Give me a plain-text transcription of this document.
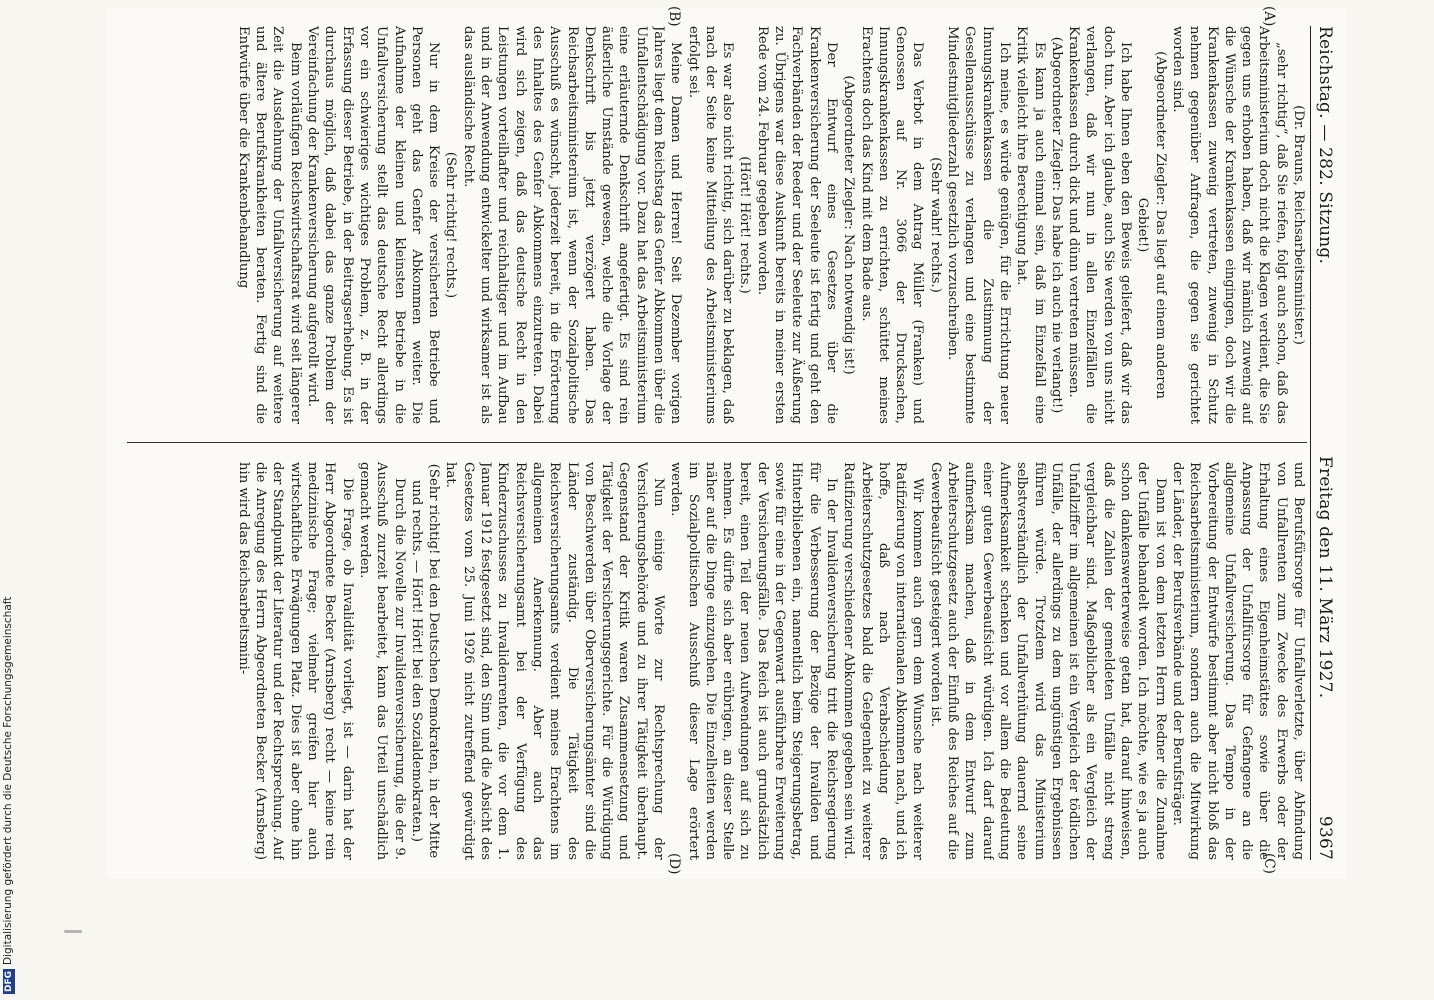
Reichstag. — 282. Sitzung.
Freitag den 11. März 1927.
9367

(Dr. Brauns, Reichsarbeitsminister.)

„sehr richtig“, daß Sie riefen, folgt auch schon, daß das Arbeitsministerium doch nicht die Klagen verdient, die Sie gegen uns erhoben haben, daß wir nämlich zuwenig auf die Wünsche der Krankenkassen eingingen, doch wir die Krankenkassen zuwenig vertreten, zuwenig in Schutz nehmen gegenüber Anfragen, die gegen sie gerichtet worden sind.

(Abgeordneter Ziegler: Das liegt auf einem anderen Gebiet!)

Ich habe Ihnen eben den Beweis geliefert, daß wir das doch tun. Aber ich glaube, auch Sie werden von uns nicht verlangen, daß wir nun in allen Einzelfällen die Krankenkassen durch dick und dünn vertreten müssen.

(Abgeordneter Ziegler: Das habe ich auch nie verlangt!)

Es kann ja auch einmal sein, daß im Einzelfall eine Kritik vielleicht ihre Berechtigung hat.

Ich meine, es würde genügen, für die Errichtung neuer Innungskrankenkassen die Zustimmung der Gesellenausschüsse zu verlangen und eine bestimmte Mindestmitgliederzahl gesetzlich vorzuschreiben.

(Sehr wahr! rechts.)

Das Verbot in dem Antrag Müller (Franken) und Genossen auf Nr. 3066 der Drucksachen, Innungskrankenkassen zu errichten, schüttet meines Erachtens doch das Kind mit dem Bade aus.

(Abgeordneter Ziegler: Nach notwendig ist!)

Der Entwurf eines Gesetzes über die Krankenversicherung der Seeleute ist fertig und geht den Fachverbänden der Reeder und der Seeleute zur Äußerung zu. Übrigens war diese Auskunft bereits in meiner ersten Rede vom 24. Februar gegeben worden.

(Hört! Hört! rechts.)

Es war also nicht richtig, sich darüber zu beklagen, daß nach der Seite keine Mitteilung des Arbeitsministeriums erfolgt sei.

Meine Damen und Herren! Seit Dezember vorigen Jahres liegt dem Reichstag das Genfer Abkommen über die Unfallentschädigung vor. Dazu hat das Arbeitsministerium eine erläuternde Denkschrift angefertigt. Es sind rein äußerliche Umstände gewesen, welche die Vorlage der Denkschrift bis jetzt verzögert haben. Das Reichsarbeitsministerium ist, wenn der Sozialpolitische Ausschuß es wünscht, jederzeit bereit, in die Erörterung des Inhaltes des Genfer Abkommens einzutreten. Dabei wird sich zeigen, daß das deutsche Recht in den Leistungen vorteilhafter und reichhaltiger und im Aufbau und in der Anwendung entwickelter und wirksamer ist als das ausländische Recht.

(Sehr richtig! rechts.)

Nur in dem Kreise der versicherten Betriebe und Personen geht das Genfer Abkommen weiter. Die Aufnahme der kleinen und kleinsten Betriebe in die Unfallversicherung stellt das deutsche Recht allerdings vor ein schwieriges wichtiges Problem, z. B. in der Erfassung dieser Betriebe, in der Beitragserhebung. Es ist durchaus möglich, daß dabei das ganze Problem der Vereinfachung der Krankenversicherung aufgerollt wird.

Beim vorläufigen Reichswirtschaftsrat wird seit längerer Zeit die Ausdehnung der Unfallversicherung auf weitere und ältere Berufskrankheiten beraten. Fertig sind die Entwürfe über die Krankenbehandlung

und Berufsfürsorge für Unfallverletzte, über Abfindung von Unfallrenten zum Zwecke des Erwerbs oder der Erhaltung eines Eigenheimstättes sowie über die Anpassung der Unfallfürsorge für Gefangene an die allgemeine Unfallversicherung. Das Tempo in der Vorbereitung der Entwürfe bestimmt aber nicht bloß das Reichsarbeitsministerium, sondern auch die Mitwirkung der Länder, der Berufsverbände und der Berufsträger.

Dann ist von dem letzten Herrn Redner die Zunahme der Unfälle behandelt worden. Ich möchte, wie es ja auch schon dankenswerterweise getan hat, darauf hinweisen, daß die Zahlen der gemeldeten Unfälle nicht streng vergleichbar sind. Maßgeblicher als ein Vergleich der Unfallziffer im allgemeinen ist ein Vergleich der tödlichen Unfälle, der allerdings zu dem ungünstigen Ergebnissen führen würde. Trotzdem wird das Ministerium selbstverständlich der Unfallverhütung dauernd seine Aufmerksamkeit schenken und vor allem die Bedeutung einer guten Gewerbeaufsicht würdigen. Ich darf darauf aufmerksam machen, daß in dem Entwurf zum Arbeiterschutzgesetz auch der Einfluß des Reiches auf die Gewerbeaufsicht gesteigert worden ist.

Wir kommen auch gern dem Wunsche nach weiterer Ratifizierung von internationalen Abkommen nach, und ich hoffe, daß nach Verabschiedung des Arbeiterschutzgesetzes bald die Gelegenheit zu weiterer Ratifizierung verschiedener Abkommen gegeben sein wird.

In der Invalidenversicherung tritt die Reichsregierung für die Verbesserung der Bezüge der Invaliden und Hinterbliebenen ein, namentlich beim Steigerungsbetrag, sowie für eine in der Gegenwart ausführbare Erweiterung der Versicherungsfälle. Das Reich ist auch grundsätzlich bereit, einen Teil der neuen Aufwendungen auf sich zu nehmen. Es dürfte sich aber erübrigen, an dieser Stelle näher auf die Dinge einzugehen. Die Einzelheiten werden im Sozialpolitischen Ausschuß dieser Lage erörtert werden.

Nun einige Worte zur Rechtsprechung der Versicherungsbehörde und zu ihrer Tätigkeit überhaupt. Gegenstand der Kritik waren Zusammensetzung und Tätigkeit der Versicherungsgerichte. Für die Würdigung von Beschwerden über Oberversicherungsämter sind die Länder zuständig. Die Tätigkeit des Reichsversicherungsamts verdient meines Erachtens im allgemeinen Anerkennung. Aber auch das Reichsversicherungsamt bei der Verfügung des Kinderzuschusses zu Invalidenrenten, die vor dem 1. Januar 1912 festgesetzt sind, den Sinn und die Absicht des Gesetzes vom 25. Juni 1926 nicht zutreffend gewürdigt hat.

(Sehr richtig! bei den Deutschen Demokraten, in der Mitte und rechts. — Hört! Hört! bei den Sozialdemokraten.)

Durch die Novelle zur Invalidenversicherung, die der 9. Ausschuß zurzeit bearbeitet, kann das Urteil unschädlich gemacht werden.

Die Frage, ob Invalidität vorliegt, ist — darin hat der Herr Abgeordnete Becker (Arnsberg) recht — keine rein medizinische Frage; vielmehr greifen hier auch wirtschaftliche Erwägungen Platz. Dies ist aber ohne hin der Standpunkt der Literatur und der Rechtsprechung. Auf die Anregung des Herrn Abgeordneten Becker (Arnsberg) hin wird das Reichsarbeitsmini-

(A)
(B)
(C)
(D)
DFGDigitalisierung gefördert durch die Deutsche Forschungsgemeinschaft
